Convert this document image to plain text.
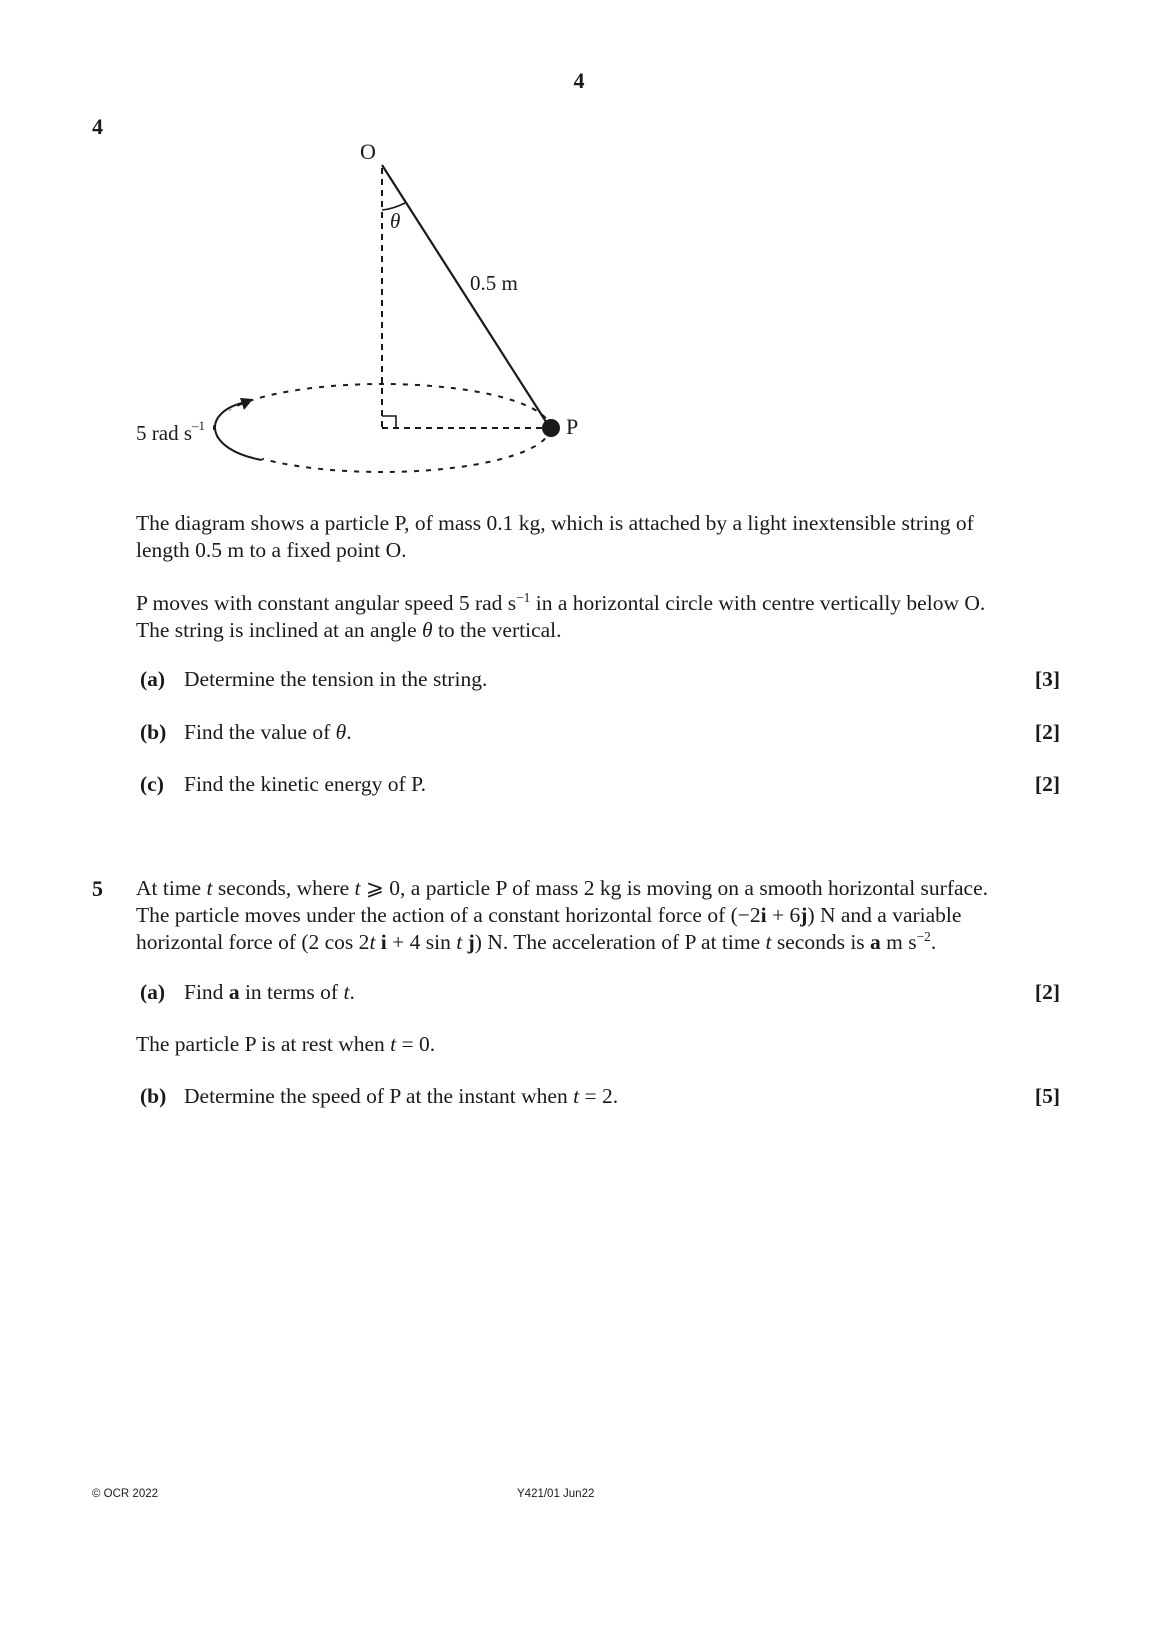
4
4
O
θ
0.5 m
P
5 rad $s^{-1}$
The diagram shows a particle P, of mass 0.1 kg, which is attached by a light inextensible string of
length 0.5 m to a fixed point O.
P moves with constant angular speed 5 rad $s^{-1}$ in a horizontal circle with centre vertically below O.
The string is inclined at an angle θ to the vertical.
(a) Determine the tension in the string.	[3]
(b) Find the value of θ.	[2]
(c) Find the kinetic energy of P.	[2]
5 At time t seconds, where t ⩾ 0, a particle P of mass 2 kg is moving on a smooth horizontal surface.
The particle moves under the action of a constant horizontal force of (−2i + 6j) N and a variable
horizontal force of (2 cos 2t i + 4 sin t j) N. The acceleration of P at time t seconds is a m $s^{-2}$.
(a) Find a in terms of t.	[2]
The particle P is at rest when t = 0.
(b) Determine the speed of P at the instant when t = 2.	[5]
© OCR 2022	Y421/01 Jun22
